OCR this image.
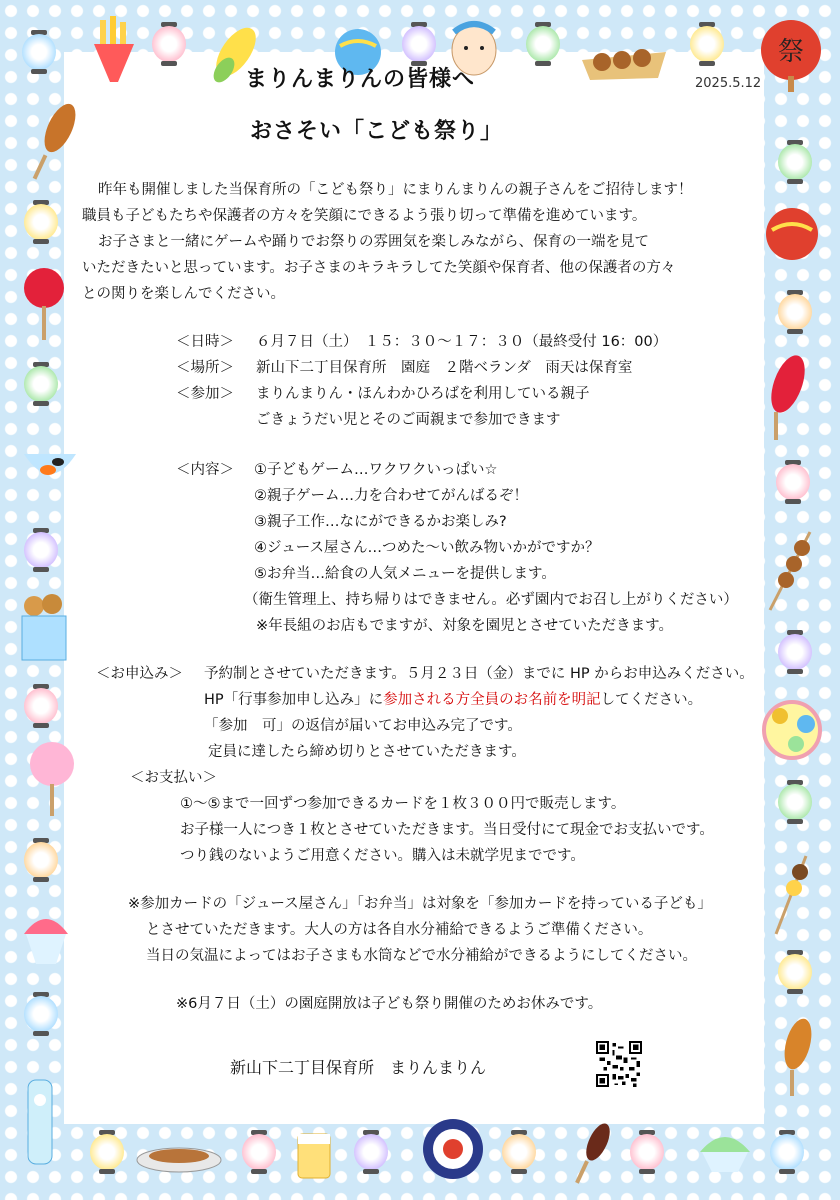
祭
まりんまりんの皆様へ
おさそい「こども祭り」
2025.5.12
昨年も開催しました当保育所の「こども祭り」にまりんまりんの親子さんをご招待します！
職員も子どもたちや保護者の方々を笑顔にできるよう張り切って準備を進めています。
お子さまと一緒にゲームや踊りでお祭りの雰囲気を楽しみながら、保育の一端を見て
いただきたいと思っています。お子さまのキラキラしてた笑顔や保育者、他の保護者の方々
との関りを楽しんでください。
＜日時＞ ６月７日（土）　１５：３０～１７：３０（最終受付 16：00）
＜場所＞ 新山下二丁目保育所　園庭　２階ベランダ　雨天は保育室
＜参加＞ まりんまりん・ほんわかひろばを利用している親子
ごきょうだい児とそのご両親まで参加できます
＜内容＞ ①子どもゲーム…ワクワクいっぱい☆
②親子ゲーム…力を合わせてがんばるぞ！
③親子工作…なにができるかお楽しみ?
④ジュース屋さん…つめた～い飲み物いかがですか？
⑤お弁当…給食の人気メニューを提供します。
（衛生管理上、持ち帰りはできません。必ず園内でお召し上がりください）
※年長組のお店もでますが、対象を園児とさせていただきます。
＜お申込み＞ 予約制とさせていただきます。５月２３日（金）までに HP からお申込みください。
HP「行事参加申し込み」に参加される方全員のお名前を明記してください。
「参加　可」の返信が届いてお申込み完了です。
定員に達したら締め切りとさせていただきます。
＜お支払い＞
①～⑤まで一回ずつ参加できるカードを１枚３００円で販売します。
お子様一人につき１枚とさせていただきます。当日受付にて現金でお支払いです。
つり銭のないようご用意ください。購入は未就学児までです。
※参加カードの「ジュース屋さん」「お弁当」は対象を「参加カードを持っている子ども」
とさせていただきます。大人の方は各自水分補給できるようご準備ください。
当日の気温によってはお子さまも水筒などで水分補給ができるようにしてください。
※6月７日（土）の園庭開放は子ども祭り開催のためお休みです。
新山下二丁目保育所　まりんまりん
